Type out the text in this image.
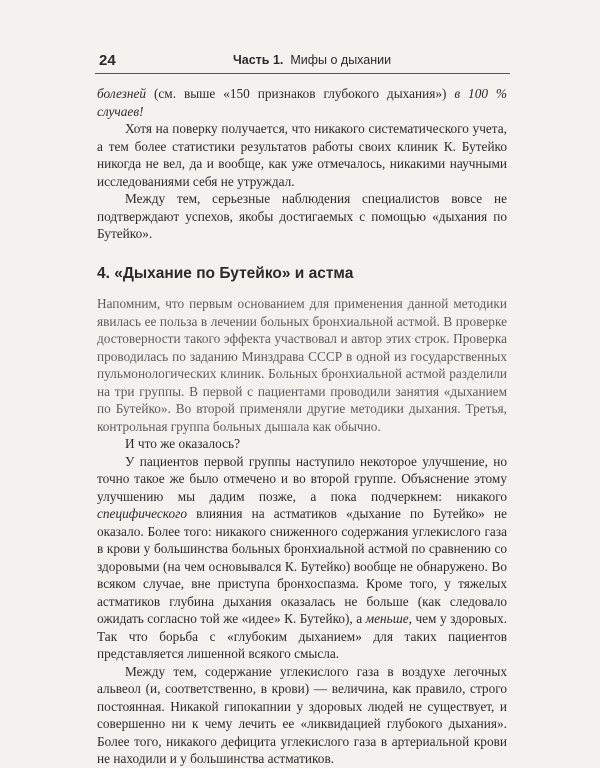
24	Часть 1. Мифы о дыхании

болезней (см. выше «150 признаков глубокого дыхания») в 100 % случаев!

Хотя на поверку получается, что никакого систематического учета, а тем более статистики результатов работы своих клиник К. Бутейко никогда не вел, да и вообще, как уже отмечалось, никакими научными исследованиями себя не утруждал.

Между тем, серьезные наблюдения специалистов вовсе не подтверждают успехов, якобы достигаемых с помощью «дыхания по Бутейко».

4. «Дыхание по Бутейко» и астма

Напомним, что первым основанием для применения данной методики явилась ее польза в лечении больных бронхиальной астмой. В проверке достоверности такого эффекта участвовал и автор этих строк. Проверка проводилась по заданию Минздрава СССР в одной из государственных пульмонологических клиник. Больных бронхиальной астмой разделили на три группы. В первой с пациентами проводили занятия «дыханием по Бутейко». Во второй применяли другие методики дыхания. Третья, контрольная группа больных дышала как обычно.

И что же оказалось?

У пациентов первой группы наступило некоторое улучшение, но точно такое же было отмечено и во второй группе. Объяснение этому улучшению мы дадим позже, а пока подчеркнем: никакого специфического влияния на астматиков «дыхание по Бутейко» не оказало. Более того: никакого сниженного содержания углекислого газа в крови у большинства больных бронхиальной астмой по сравнению со здоровыми (на чем основывался К. Бутейко) вообще не обнаружено. Во всяком случае, вне приступа бронхоспазма. Кроме того, у тяжелых астматиков глубина дыхания оказалась не больше (как следовало ожидать согласно той же «идее» К. Бутейко), а меньше, чем у здоровых. Так что борьба с «глубоким дыханием» для таких пациентов представляется лишенной всякого смысла.

Между тем, содержание углекислого газа в воздухе легочных альвеол (и, соответственно, в крови) — величина, как правило, строго постоянная. Никакой гипокапнии у здоровых людей не существует, и совершенно ни к чему лечить ее «ликвидацией глубокого дыхания». Более того, никакого дефицита углекислого газа в артериальной крови не находили и у большинства астматиков.
